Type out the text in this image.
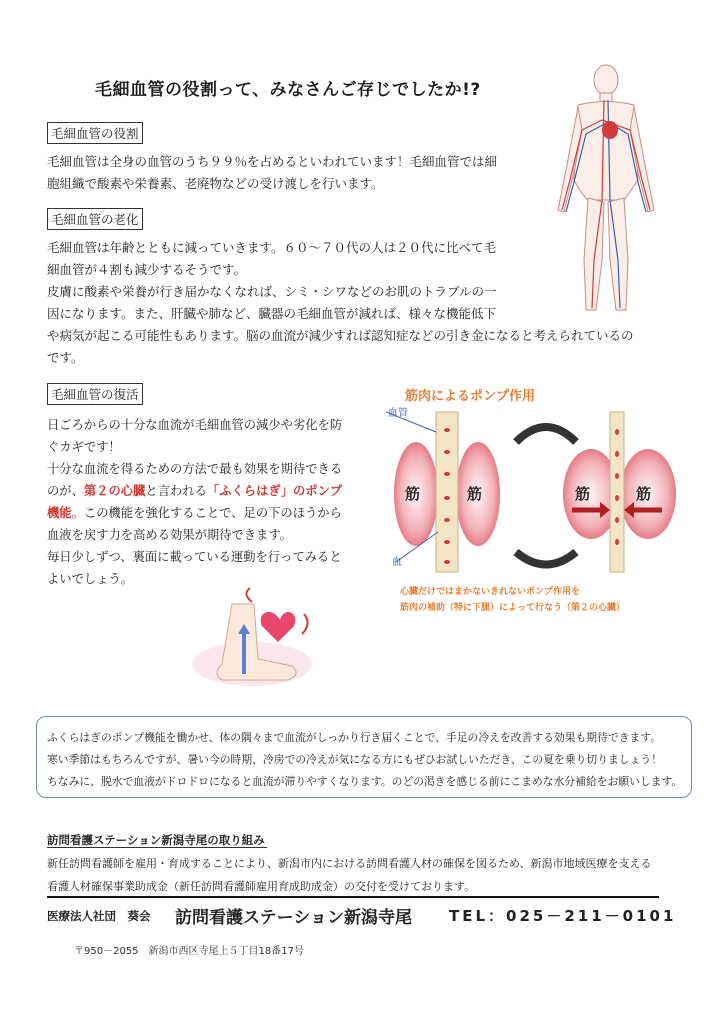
毛細血管の役割って、みなさんご存じでしたか!?
毛細血管の役割
毛細血管は全身の血管のうち９９％を占めるといわれています！毛細血管では細
胞組織で酸素や栄養素、老廃物などの受け渡しを行います。
毛細血管の老化
毛細血管は年齢とともに減っていきます。６０～７０代の人は２０代に比べて毛
細血管が４割も減少するそうです。
皮膚に酸素や栄養が行き届かなくなれば、シミ・シワなどのお肌のトラブルの一
因になります。また、肝臓や肺など、臓器の毛細血管が減れば、様々な機能低下
や病気が起こる可能性もあります。脳の血流が減少すれば認知症などの引き金になると考えられているの
です。
毛細血管の復活
日ごろからの十分な血流が毛細血管の減少や劣化を防
ぐカギです！
十分な血流を得るための方法で最も効果を期待できる
のが、第２の心臓と言われる「ふくらはぎ」のポンプ
機能。この機能を強化することで、足の下のほうから
血液を戻す力を高める効果が期待できます。
毎日少しずつ、裏面に載っている運動を行ってみると
よいでしょう。
筋肉によるポンプ作用
血管
血
筋	筋	筋	筋
心臓だけではまかないきれないポンプ作用を
筋肉の補助（特に下腿）によって行なう（第２の心臓）
ふくらはぎのポンプ機能を働かせ、体の隅々まで血流がしっかり行き届くことで、手足の冷えを改善する効果も期待できます。
寒い季節はもちろんですが、暑い今の時期、冷房での冷えが気になる方にもぜひお試しいただき、この夏を乗り切りましょう！
ちなみに、脱水で血液がドロドロになると血流が滞りやすくなります。のどの渇きを感じる前にこまめな水分補給をお願いします。
訪問看護ステーション新潟寺尾の取り組み
新任訪問看護師を雇用・育成することにより、新潟市内における訪問看護人材の確保を図るため、新潟市地域医療を支える
看護人材確保事業助成金（新任訪問看護師雇用育成助成金）の交付を受けております。
医療法人社団　葵会 訪問看護ステーション新潟寺尾 TEL：025－211－0101
〒950－2055　新潟市西区寺尾上５丁目18番17号
